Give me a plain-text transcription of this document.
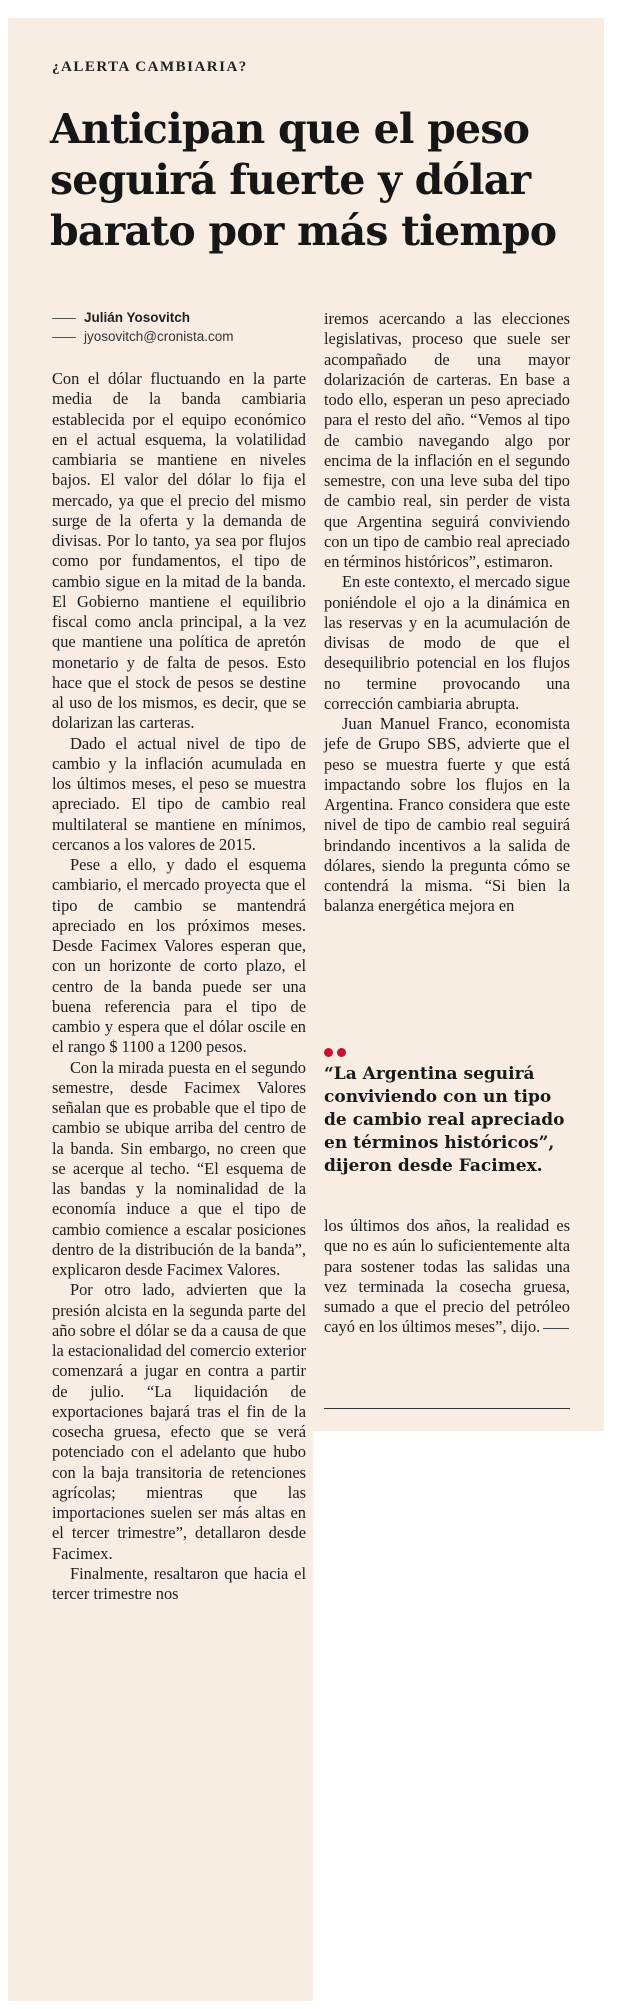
¿ALERTA CAMBIARIA?
Anticipan que el peso seguirá fuerte y dólar barato por más tiempo
Julián Yosovitch
jyosovitch@cronista.com

Con el dólar fluctuando en la parte media de la banda cambiaria establecida por el equipo económico en el actual esquema, la volatilidad cambiaria se mantiene en niveles bajos. El valor del dólar lo fija el mercado, ya que el precio del mismo surge de la oferta y la demanda de divisas. Por lo tanto, ya sea por flujos como por fundamentos, el tipo de cambio sigue en la mitad de la banda. El Gobierno mantiene el equilibrio fiscal como ancla principal, a la vez que mantiene una política de apretón monetario y de falta de pesos. Esto hace que el stock de pesos se destine al uso de los mismos, es decir, que se dolarizan las carteras.

Dado el actual nivel de tipo de cambio y la inflación acumulada en los últimos meses, el peso se muestra apreciado. El tipo de cambio real multilateral se mantiene en mínimos, cercanos a los valores de 2015.

Pese a ello, y dado el esquema cambiario, el mercado proyecta que el tipo de cambio se mantendrá apreciado en los próximos meses. Desde Facimex Valores esperan que, con un horizonte de corto plazo, el centro de la banda puede ser una buena referencia para el tipo de cambio y espera que el dólar oscile en el rango $ 1100 a 1200 pesos.

Con la mirada puesta en el segundo semestre, desde Facimex Valores señalan que es probable que el tipo de cambio se ubique arriba del centro de la banda. Sin embargo, no creen que se acerque al techo. “El esquema de las bandas y la nominalidad de la economía induce a que el tipo de cambio comience a escalar posiciones dentro de la distribución de la banda”, explicaron desde Facimex Valores.

Por otro lado, advierten que la presión alcista en la segunda parte del año sobre el dólar se da a causa de que la estacionalidad del comercio exterior comenzará a jugar en contra a partir de julio. “La liquidación de exportaciones bajará tras el fin de la cosecha gruesa, efecto que se verá potenciado con el adelanto que hubo con la baja transitoria de retenciones agrícolas; mientras que las importaciones suelen ser más altas en el tercer trimestre”, detallaron desde Facimex.

Finalmente, resaltaron que hacia el tercer trimestre nos

iremos acercando a las elecciones legislativas, proceso que suele ser acompañado de una mayor dolarización de carteras. En base a todo ello, esperan un peso apreciado para el resto del año. “Vemos al tipo de cambio navegando algo por encima de la inflación en el segundo semestre, con una leve suba del tipo de cambio real, sin perder de vista que Argentina seguirá conviviendo con un tipo de cambio real apreciado en términos históricos”, estimaron.

En este contexto, el mercado sigue poniéndole el ojo a la dinámica en las reservas y en la acumulación de divisas de modo de que el desequilibrio potencial en los flujos no termine provocando una corrección cambiaria abrupta.

Juan Manuel Franco, economista jefe de Grupo SBS, advierte que el peso se muestra fuerte y que está impactando sobre los flujos en la Argentina. Franco considera que este nivel de tipo de cambio real seguirá brindando incentivos a la salida de dólares, siendo la pregunta cómo se contendrá la misma. “Si bien la balanza energética mejora en

“La Argentina seguirá conviviendo con un tipo de cambio real apreciado en términos históricos”, dijeron desde Facimex.

los últimos dos años, la realidad es que no es aún lo suficientemente alta para sostener todas las salidas una vez terminada la cosecha gruesa, sumado a que el precio del petróleo cayó en los últimos meses”, dijo.
